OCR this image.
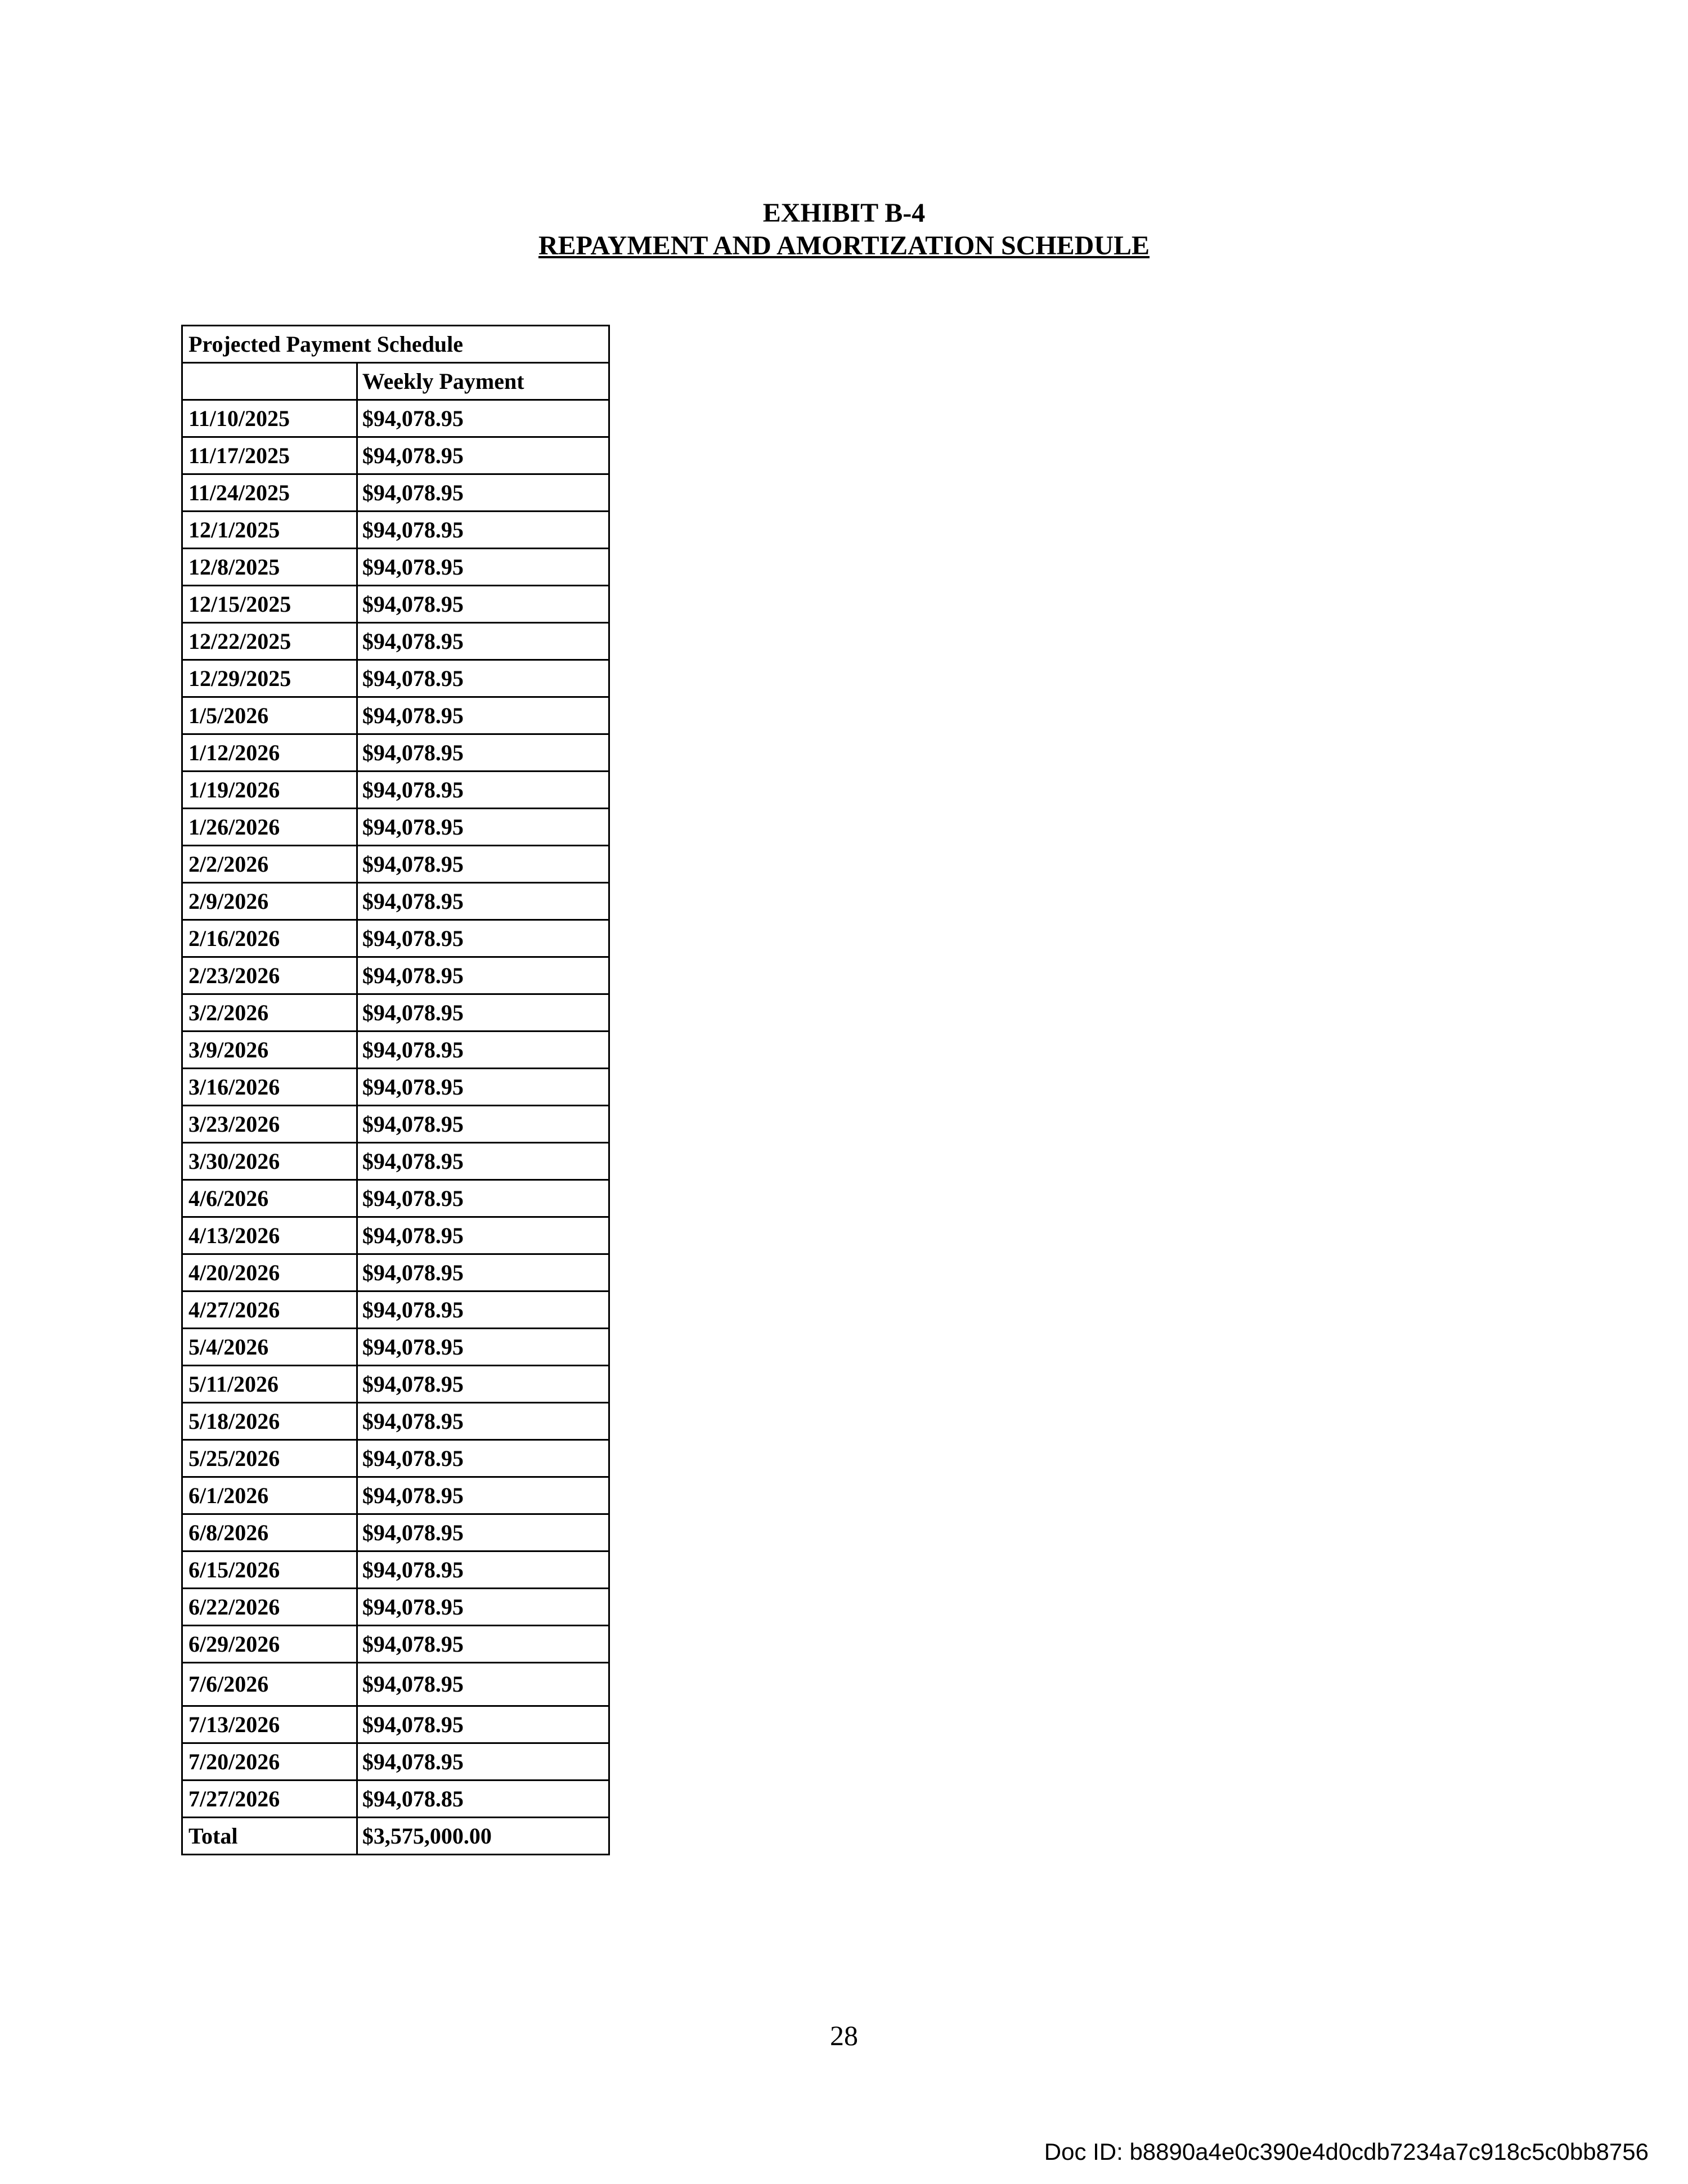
EXHIBIT B-4
REPAYMENT AND AMORTIZATION SCHEDULE
Projected Payment Schedule	
	Weekly Payment
11/10/2025	$94,078.95
11/17/2025	$94,078.95
11/24/2025	$94,078.95
12/1/2025	$94,078.95
12/8/2025	$94,078.95
12/15/2025	$94,078.95
12/22/2025	$94,078.95
12/29/2025	$94,078.95
1/5/2026	$94,078.95
1/12/2026	$94,078.95
1/19/2026	$94,078.95
1/26/2026	$94,078.95
2/2/2026	$94,078.95
2/9/2026	$94,078.95
2/16/2026	$94,078.95
2/23/2026	$94,078.95
3/2/2026	$94,078.95
3/9/2026	$94,078.95
3/16/2026	$94,078.95
3/23/2026	$94,078.95
3/30/2026	$94,078.95
4/6/2026	$94,078.95
4/13/2026	$94,078.95
4/20/2026	$94,078.95
4/27/2026	$94,078.95
5/4/2026	$94,078.95
5/11/2026	$94,078.95
5/18/2026	$94,078.95
5/25/2026	$94,078.95
6/1/2026	$94,078.95
6/8/2026	$94,078.95
6/15/2026	$94,078.95
6/22/2026	$94,078.95
6/29/2026	$94,078.95
7/6/2026	$94,078.95
7/13/2026	$94,078.95
7/20/2026	$94,078.95
7/27/2026	$94,078.85
Total	$3,575,000.00
28
Doc ID: b8890a4e0c390e4d0cdb7234a7c918c5c0bb8756
